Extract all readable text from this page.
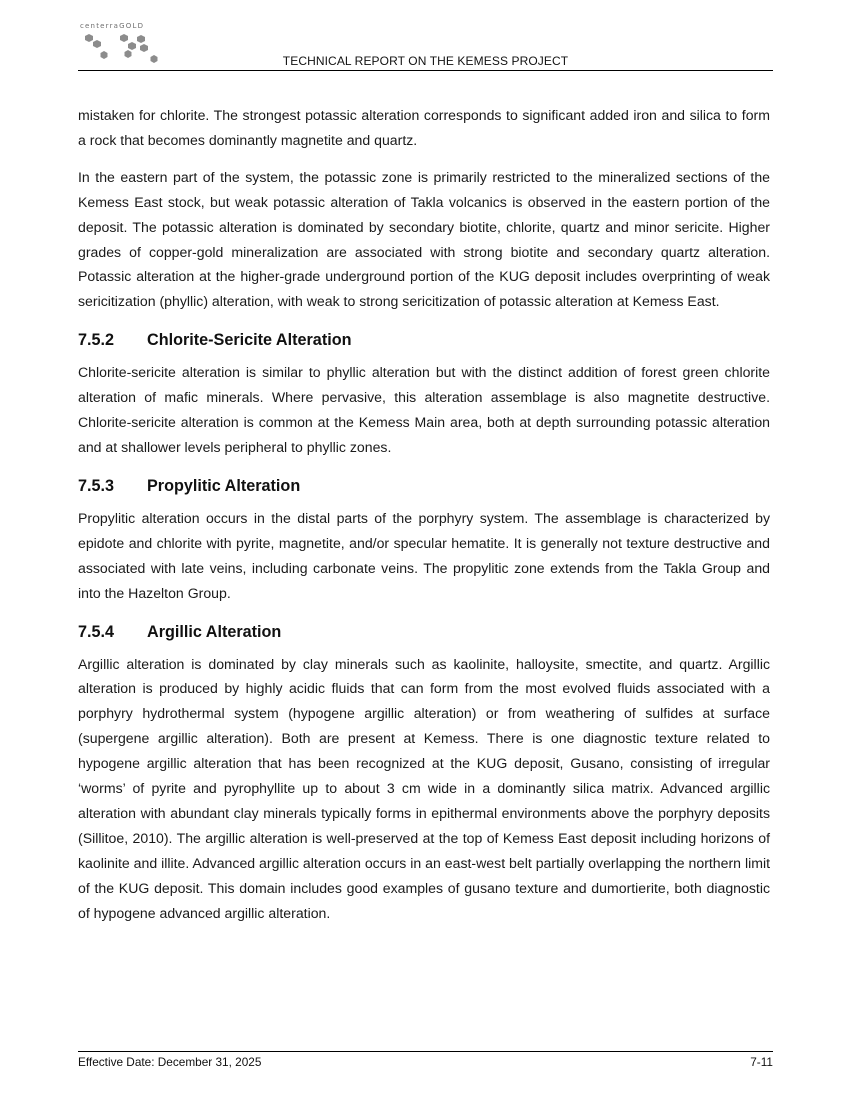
centerraGOLD
TECHNICAL REPORT ON THE KEMESS PROJECT

mistaken for chlorite. The strongest potassic alteration corresponds to significant added iron and silica to form a rock that becomes dominantly magnetite and quartz.

In the eastern part of the system, the potassic zone is primarily restricted to the mineralized sections of the Kemess East stock, but weak potassic alteration of Takla volcanics is observed in the eastern portion of the deposit. The potassic alteration is dominated by secondary biotite, chlorite, quartz and minor sericite. Higher grades of copper-gold mineralization are associated with strong biotite and secondary quartz alteration. Potassic alteration at the higher-grade underground portion of the KUG deposit includes overprinting of weak sericitization (phyllic) alteration, with weak to strong sericitization of potassic alteration at Kemess East.

7.5.2 Chlorite-Sericite Alteration

Chlorite-sericite alteration is similar to phyllic alteration but with the distinct addition of forest green chlorite alteration of mafic minerals. Where pervasive, this alteration assemblage is also magnetite destructive. Chlorite-sericite alteration is common at the Kemess Main area, both at depth surrounding potassic alteration and at shallower levels peripheral to phyllic zones.

7.5.3 Propylitic Alteration

Propylitic alteration occurs in the distal parts of the porphyry system. The assemblage is characterized by epidote and chlorite with pyrite, magnetite, and/or specular hematite. It is generally not texture destructive and associated with late veins, including carbonate veins. The propylitic zone extends from the Takla Group and into the Hazelton Group.

7.5.4 Argillic Alteration

Argillic alteration is dominated by clay minerals such as kaolinite, halloysite, smectite, and quartz. Argillic alteration is produced by highly acidic fluids that can form from the most evolved fluids associated with a porphyry hydrothermal system (hypogene argillic alteration) or from weathering of sulfides at surface (supergene argillic alteration). Both are present at Kemess. There is one diagnostic texture related to hypogene argillic alteration that has been recognized at the KUG deposit, Gusano, consisting of irregular ‘worms’ of pyrite and pyrophyllite up to about 3 cm wide in a dominantly silica matrix. Advanced argillic alteration with abundant clay minerals typically forms in epithermal environments above the porphyry deposits (Sillitoe, 2010). The argillic alteration is well-preserved at the top of Kemess East deposit including horizons of kaolinite and illite. Advanced argillic alteration occurs in an east-west belt partially overlapping the northern limit of the KUG deposit. This domain includes good examples of gusano texture and dumortierite, both diagnostic of hypogene advanced argillic alteration.

Effective Date: December 31, 2025	7-11
